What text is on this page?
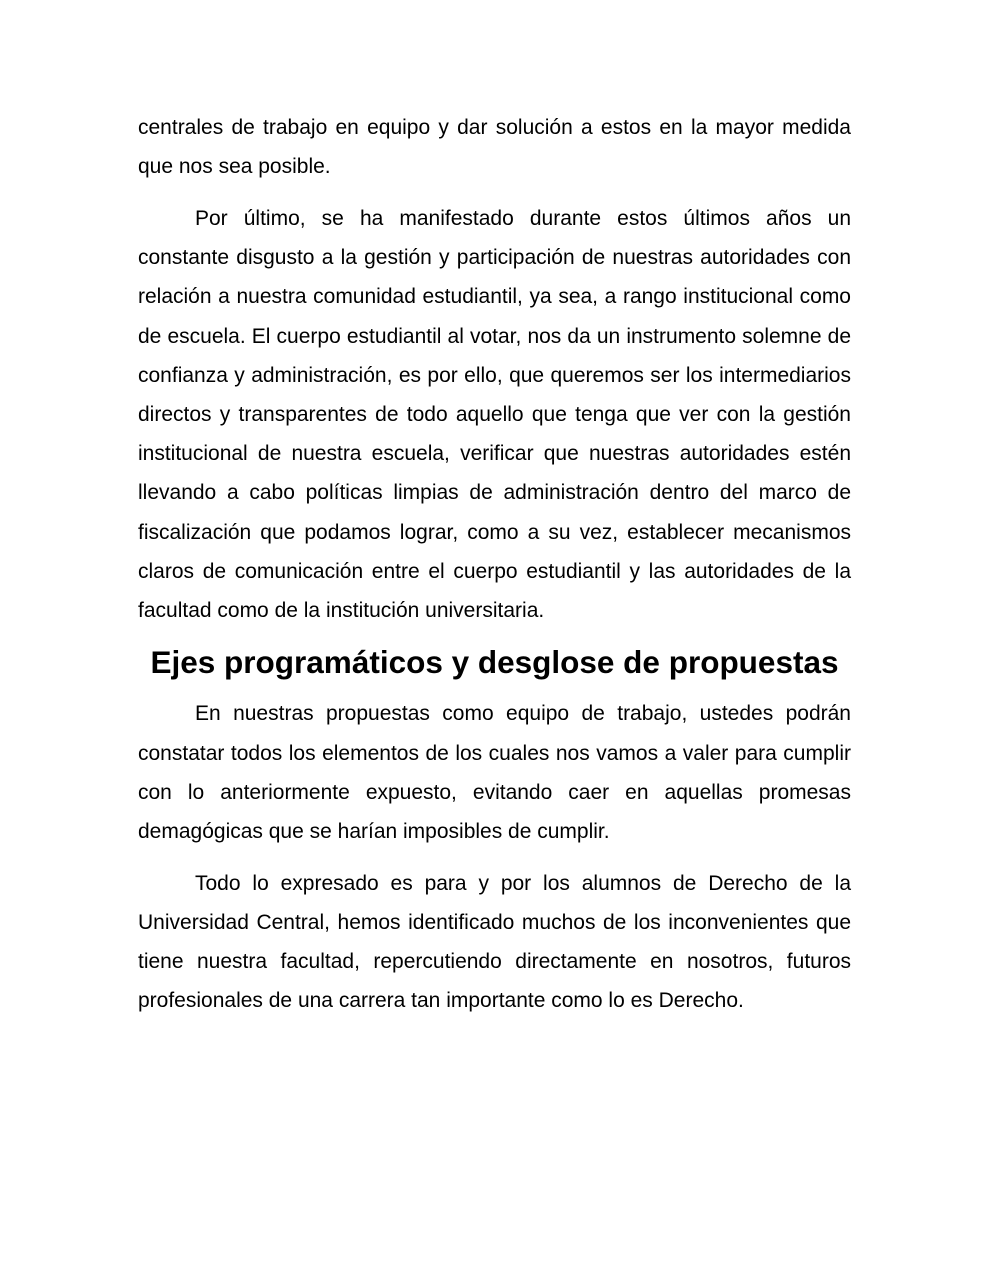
centrales de trabajo en equipo y dar solución a estos en la mayor medida que nos sea posible.

Por último, se ha manifestado durante estos últimos años un constante disgusto a la gestión y participación de nuestras autoridades con relación a nuestra comunidad estudiantil, ya sea, a rango institucional como de escuela. El cuerpo estudiantil al votar, nos da un instrumento solemne de confianza y administración, es por ello, que queremos ser los intermediarios directos y transparentes de todo aquello que tenga que ver con la gestión institucional de nuestra escuela, verificar que nuestras autoridades estén llevando a cabo políticas limpias de administración dentro del marco de fiscalización que podamos lograr, como a su vez, establecer mecanismos claros de comunicación entre el cuerpo estudiantil y las autoridades de la facultad como de la institución universitaria.

Ejes programáticos y desglose de propuestas

En nuestras propuestas como equipo de trabajo, ustedes podrán constatar todos los elementos de los cuales nos vamos a valer para cumplir con lo anteriormente expuesto, evitando caer en aquellas promesas demagógicas que se harían imposibles de cumplir.

Todo lo expresado es para y por los alumnos de Derecho de la Universidad Central, hemos identificado muchos de los inconvenientes que tiene nuestra facultad, repercutiendo directamente en nosotros, futuros profesionales de una carrera tan importante como lo es Derecho.
